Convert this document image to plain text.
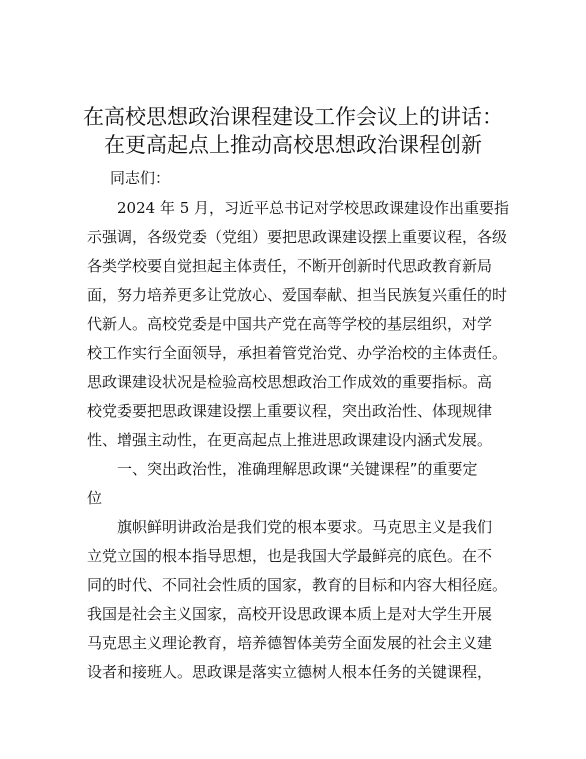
在高校思想政治课程建设工作会议上的讲话：
在更高起点上推动高校思想政治课程创新
同志们：
2024 年 5 月，习近平总书记对学校思政课建设作出重要指
示强调，各级党委（党组）要把思政课建设摆上重要议程，各级
各类学校要自觉担起主体责任，不断开创新时代思政教育新局
面，努力培养更多让党放心、爱国奉献、担当民族复兴重任的时
代新人。高校党委是中国共产党在高等学校的基层组织，对学
校工作实行全面领导，承担着管党治党、办学治校的主体责任。
思政课建设状况是检验高校思想政治工作成效的重要指标。高
校党委要把思政课建设摆上重要议程，突出政治性、体现规律
性、增强主动性，在更高起点上推进思政课建设内涵式发展。
一、突出政治性，准确理解思政课“关键课程”的重要定
位
旗帜鲜明讲政治是我们党的根本要求。马克思主义是我们
立党立国的根本指导思想，也是我国大学最鲜亮的底色。在不
同的时代、不同社会性质的国家，教育的目标和内容大相径庭。
我国是社会主义国家，高校开设思政课本质上是对大学生开展
马克思主义理论教育，培养德智体美劳全面发展的社会主义建
设者和接班人。思政课是落实立德树人根本任务的关键课程，
